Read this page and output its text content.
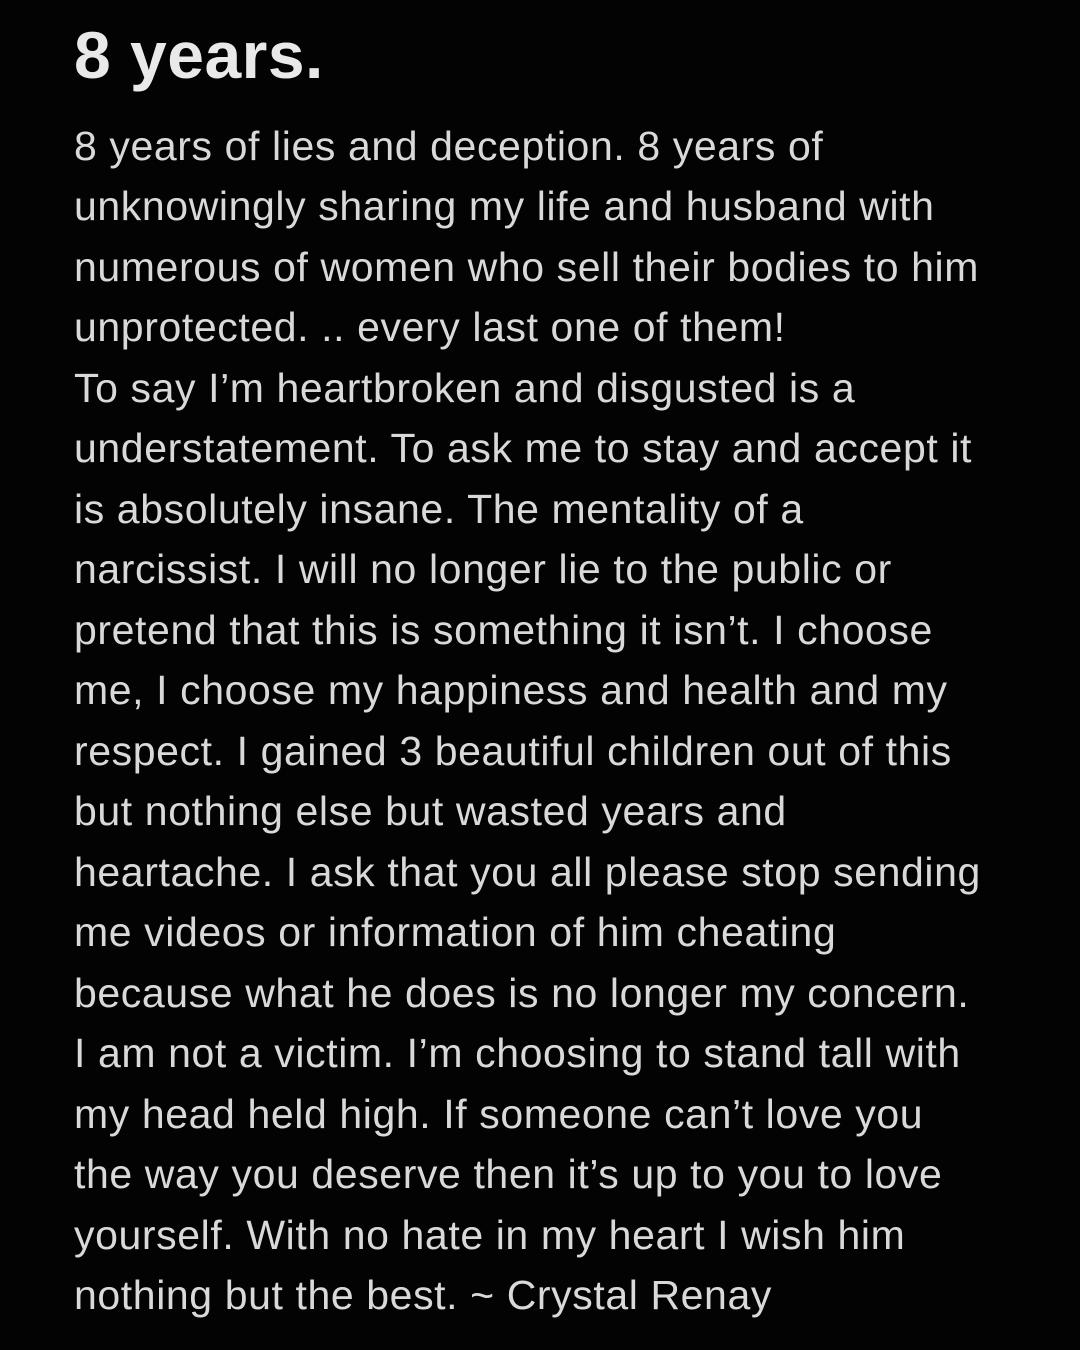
8 years.
8 years of lies and deception. 8 years of
unknowingly sharing my life and husband with
numerous of women who sell their bodies to him
unprotected. .. every last one of them!
To say I’m heartbroken and disgusted is a
understatement. To ask me to stay and accept it
is absolutely insane. The mentality of a
narcissist. I will no longer lie to the public or
pretend that this is something it isn’t. I choose
me, I choose my happiness and health and my
respect. I gained 3 beautiful children out of this
but nothing else but wasted years and
heartache. I ask that you all please stop sending
me videos or information of him cheating
because what he does is no longer my concern.
I am not a victim. I’m choosing to stand tall with
my head held high. If someone can’t love you
the way you deserve then it’s up to you to love
yourself. With no hate in my heart I wish him
nothing but the best. ~ Crystal Renay
